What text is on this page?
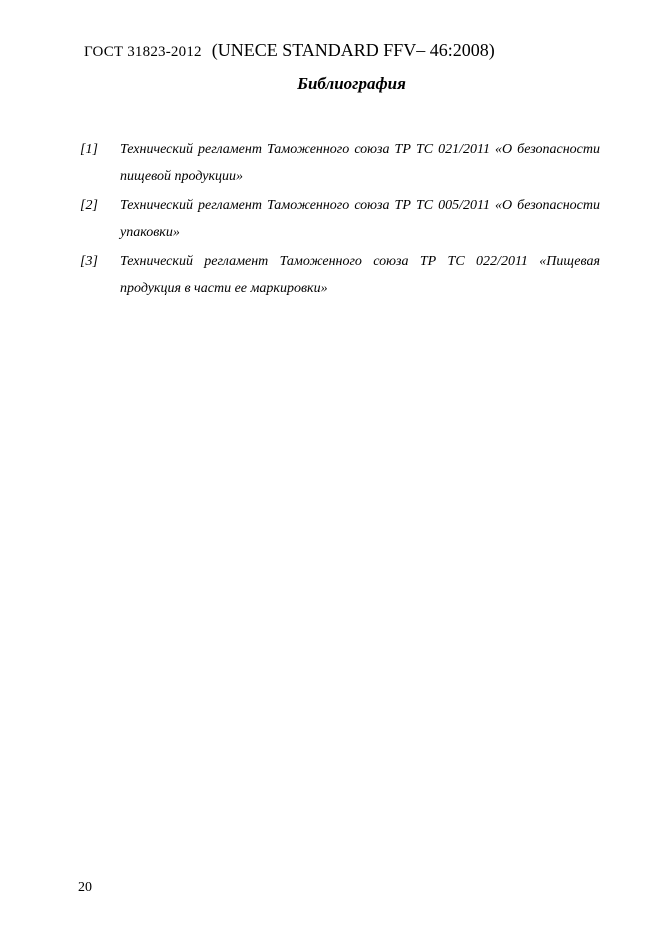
ГОСТ 31823-2012 (UNECE STANDARD FFV– 46:2008)
Библиография
[1] Технический регламент Таможенного союза ТР ТС 021/2011 «О безопасности пищевой продукции»
[2] Технический регламент Таможенного союза ТР ТС 005/2011 «О безопасности упаковки»
[3] Технический регламент Таможенного союза ТР ТС 022/2011 «Пищевая продукция в части ее маркировки»
20
